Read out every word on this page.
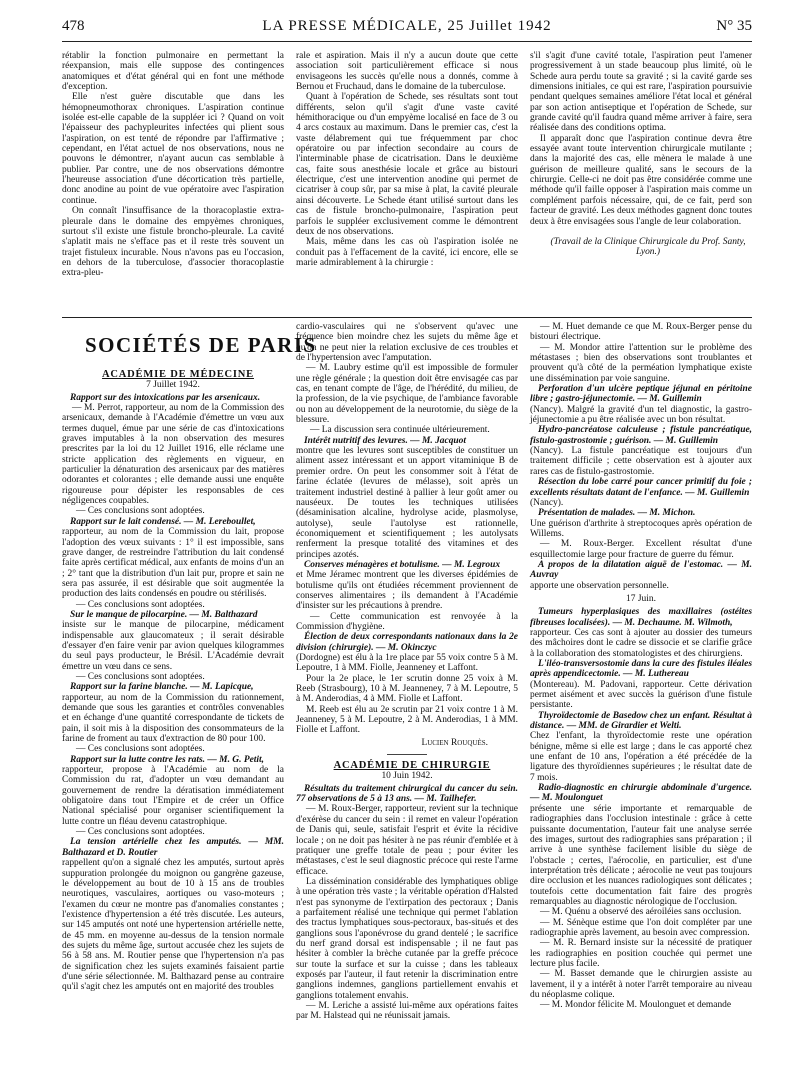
478	LA PRESSE MÉDICALE, 25 Juillet 1942	N° 35

rétablir la fonction pulmonaire en permettant la réexpansion, mais elle suppose des contingences anatomiques et d'état général qui en font une méthode d'exception.

Elle n'est guère discutable que dans les hémopneumothorax chroniques. L'aspiration continue isolée est-elle capable de la suppléer ici ? Quand on voit l'épaisseur des pachypleurites infectées qui plient sous l'aspiration, on est tenté de répondre par l'affirmative ; cependant, en l'état actuel de nos observations, nous ne pouvons le démontrer, n'ayant aucun cas semblable à publier. Par contre, une de nos observations démontre l'heureuse association d'une décortication très partielle, donc anodine au point de vue opératoire avec l'aspiration continue.

On connaît l'insuffisance de la thoracoplastie extra-pleurale dans le domaine des empyèmes chroniques, surtout s'il existe une fistule broncho-pleurale. La cavité s'aplatit mais ne s'efface pas et il reste très souvent un trajet fistuleux incurable. Nous n'avons pas eu l'occasion, en dehors de la tuberculose, d'associer thoracoplastie extra-pleu-

rale et aspiration. Mais il n'y a aucun doute que cette association soit particulièrement efficace si nous envisageons les succès qu'elle nous a donnés, comme à Bernou et Fruchaud, dans le domaine de la tuberculose.

Quant à l'opération de Schede, ses résultats sont tout différents, selon qu'il s'agit d'une vaste cavité hémithoracique ou d'un empyème localisé en face de 3 ou 4 arcs costaux au maximum. Dans le premier cas, c'est la vaste délabrement qui tue fréquemment par choc opératoire ou par infection secondaire au cours de l'interminable phase de cicatrisation. Dans le deuxième cas, faite sous anesthésie locale et grâce au bistouri électrique, c'est une intervention anodine qui permet de cicatriser à coup sûr, par sa mise à plat, la cavité pleurale ainsi découverte. Le Schede étant utilisé surtout dans les cas de fistule broncho-pulmonaire, l'aspiration peut parfois le suppléer exclusivement comme le démontrent deux de nos observations.

Mais, même dans les cas où l'aspiration isolée ne conduit pas à l'effacement de la cavité, ici encore, elle se marie admirablement à la chirurgie :

s'il s'agit d'une cavité totale, l'aspiration peut l'amener progressivement à un stade beaucoup plus limité, où le Schede aura perdu toute sa gravité ; si la cavité garde ses dimensions initiales, ce qui est rare, l'aspiration poursuivie pendant quelques semaines améliore l'état local et général par son action antiseptique et l'opération de Schede, sur grande cavité qu'il faudra quand même arriver à faire, sera réalisée dans des conditions optima.

Il apparaît donc que l'aspiration continue devra être essayée avant toute intervention chirurgicale mutilante ; dans la majorité des cas, elle mènera le malade à une guérison de meilleure qualité, sans le secours de la chirurgie. Celle-ci ne doit pas être considérée comme une méthode qu'il faille opposer à l'aspiration mais comme un complément parfois nécessaire, qui, de ce fait, perd son facteur de gravité. Les deux méthodes gagnent donc toutes deux à être envisagées sous l'angle de leur colaboration.

(Travail de la Clinique Chirurgicale du Prof. Santy, Lyon.)

SOCIÉTÉS DE PARIS

ACADÉMIE DE MÉDECINE

7 Juillet 1942.

Rapport sur des intoxications par les arsenicaux.

— M. Perrot, rapporteur, au nom de la Commission des arsenicaux, demande à l'Académie d'émettre un vœu aux termes duquel, émue par une série de cas d'intoxications graves imputables à la non observation des mesures prescrites par la loi du 12 Juillet 1916, elle réclame une stricte application des règlements en vigueur, en particulier la dénaturation des arsenicaux par des matières odorantes et colorantes ; elle demande aussi une enquête rigoureuse pour dépister les responsables de ces négligences coupables.

— Ces conclusions sont adoptées.

Rapport sur le lait condensé. — M. Lereboullet,

rapporteur, au nom de la Commission du lait, propose l'adoption des vœux suivants : 1° il est impossible, sans grave danger, de restreindre l'attribution du lait condensé faite après certificat médical, aux enfants de moins d'un an ; 2° tant que la distribution d'un lait pur, propre et sain ne sera pas assurée, il est désirable que soit augmentée la production des laits condensés en poudre ou stérilisés.

— Ces conclusions sont adoptées.

Sur le manque de pilocarpine. — M. Balthazard

insiste sur le manque de pilocarpine, médicament indispensable aux glaucomateux ; il serait désirable d'essayer d'en faire venir par avion quelques kilogrammes du seul pays producteur, le Brésil. L'Académie devrait émettre un vœu dans ce sens.

— Ces conclusions sont adoptées.

Rapport sur la farine blanche. — M. Lapicque,

rapporteur, au nom de la Commission du rationnement, demande que sous les garanties et contrôles convenables et en échange d'une quantité correspondante de tickets de pain, il soit mis à la disposition des consommateurs de la farine de froment au taux d'extraction de 80 pour 100.

— Ces conclusions sont adoptées.

Rapport sur la lutte contre les rats. — M. G. Petit,

rapporteur, propose à l'Académie au nom de la Commission du rat, d'adopter un vœu demandant au gouvernement de rendre la dératisation immédiatement obligatoire dans tout l'Empire et de créer un Office National spécialisé pour organiser scientifiquement la lutte contre un fléau devenu catastrophique.

— Ces conclusions sont adoptées.

La tension artérielle chez les amputés. — MM. Balthazard et D. Routier

rappellent qu'on a signalé chez les amputés, surtout après suppuration prolongée du moignon ou gangrène gazeuse, le développement au bout de 10 à 15 ans de troubles neurotiques, vasculaires, aortiques ou vaso-moteurs ; l'examen du cœur ne montre pas d'anomalies constantes ; l'existence d'hypertension a été très discutée. Les auteurs, sur 145 amputés ont noté une hypertension artérielle nette, de 45 mm. en moyenne au-dessus de la tension normale des sujets du même âge, surtout accusée chez les sujets de 56 à 58 ans. M. Routier pense que l'hypertension n'a pas de signification chez les sujets examinés faisaient partie d'une série sélectionnée. M. Balthazard pense au contraire qu'il s'agit chez les amputés ont en majorité des troubles

cardio-vasculaires qui ne s'observent qu'avec une fréquence bien moindre chez les sujets du même âge et qu'on ne peut nier la relation exclusive de ces troubles et de l'hypertension avec l'amputation.

— M. Laubry estime qu'il est impossible de formuler une règle générale ; la question doit être envisagée cas par cas, en tenant compte de l'âge, de l'hérédité, du milieu, de la profession, de la vie psychique, de l'ambiance favorable ou non au développement de la neurotomie, du siège de la blessure.

— La discussion sera continuée ultérieurement.

Intérêt nutritif des levures. — M. Jacquot

montre que les levures sont susceptibles de constituer un aliment assez intéressant et un apport vitaminique B de premier ordre. On peut les consommer soit à l'état de farine éclatée (levures de mélasse), soit après un traitement industriel destiné à pallier à leur goût amer ou nauséeux. De toutes les techniques utilisées (désaminisation alcaline, hydrolyse acide, plasmolyse, autolyse), seule l'autolyse est rationnelle, économiquement et scientifiquement ; les autolysats renferment la presque totalité des vitamines et des principes azotés.

Conserves ménagères et botulisme. — M. Legroux

et Mme Jéramec montrent que les diverses épidémies de botulisme qu'ils ont étudiées récemment proviennent de conserves alimentaires ; ils demandent à l'Académie d'insister sur les précautions à prendre.

— Cette communication est renvoyée à la Commission d'hygiène.

Élection de deux correspondants nationaux dans la 2e division (chirurgie). — M. Okinczyc

(Dordogne) est élu à la 1re place par 55 voix contre 5 à M. Lepoutre, 1 à MM. Fiolle, Jeanneney et Laffont.

Pour la 2e place, le 1er scrutin donne 25 voix à M. Reeb (Strasbourg), 10 à M. Jeanneney, 7 à M. Lepoutre, 5 à M. Anderodias, 4 à MM. Fiolle et Laffont.

M. Reeb est élu au 2e scrutin par 21 voix contre 1 à M. Jeanneney, 5 à M. Lepoutre, 2 à M. Anderodias, 1 à MM. Fiolle et Laffont.

Lucien Rouquès.

ACADÉMIE DE CHIRURGIE

10 Juin 1942.

Résultats du traitement chirurgical du cancer du sein. 77 observations de 5 à 13 ans. — M. Tailhefer.

— M. Roux-Berger, rapporteur, revient sur la technique d'exérèse du cancer du sein : il remet en valeur l'opération de Danis qui, seule, satisfait l'esprit et évite la récidive locale ; on ne doit pas hésiter à ne pas réunir d'emblée et à pratiquer une greffe totale de peau ; pour éviter les métastases, c'est le seul diagnostic précoce qui reste l'arme efficace.

La dissémination considérable des lymphatiques oblige à une opération très vaste ; la véritable opération d'Halsted n'est pas synonyme de l'extirpation des pectoraux ; Danis a parfaitement réalisé une technique qui permet l'ablation des tractus lymphatiques sous-pectoraux, bas-situés et des ganglions sous l'aponévrose du grand dentelé ; le sacrifice du nerf grand dorsal est indispensable ; il ne faut pas hésiter à combler la brèche cutanée par la greffe précoce sur toute la surface et sur la cuisse ; dans les tableaux exposés par l'auteur, il faut retenir la discrimination entre ganglions indemnes, ganglions partiellement envahis et ganglions totalement envahis.

— M. Leriche a assisté lui-même aux opérations faites par M. Halstead qui ne réunissait jamais.

— M. Huet demande ce que M. Roux-Berger pense du bistouri électrique.

— M. Mondor attire l'attention sur le problème des métastases ; bien des observations sont troublantes et prouvent qu'à côté de la perméation lymphatique existe une dissémination par voie sanguine.

Perforation d'un ulcère peptique jéjunal en péritoine libre ; gastro-jéjunectomie. — M. Guillemin

(Nancy). Malgré la gravité d'un tel diagnostic, la gastro-jéjunectomie a pu être réalisée avec un bon résultat.

Hydro-pancréatose calculeuse ; fistule pancréatique, fistulo-gastrostomie ; guérison. — M. Guillemin

(Nancy). La fistule pancréatique est toujours d'un traitement difficile ; cette observation est à ajouter aux rares cas de fistulo-gastrostomie.

Résection du lobe carré pour cancer primitif du foie ; excellents résultats datant de l'enfance. — M. Guillemin

(Nancy).

Présentation de malades. — M. Michon.

Une guérison d'arthrite à streptocoques après opération de Willems.

— M. Roux-Berger. Excellent résultat d'une esquillectomie large pour fracture de guerre du fémur.

A propos de la dilatation aiguë de l'estomac. — M. Auvray

apporte une observation personnelle.

17 Juin.

Tumeurs hyperplasiques des maxillaires (ostéites fibreuses localisées). — M. Dechaume. M. Wilmoth,

rapporteur. Ces cas sont à ajouter au dossier des tumeurs des mâchoires dont le cadre se dissocie et se clarifie grâce à la collaboration des stomatologistes et des chirurgiens.

L'iléo-transversostomie dans la cure des fistules iléales après appendicectomie. — M. Luthereau

(Montereau). M. Padovani, rapporteur. Cette dérivation permet aisément et avec succès la guérison d'une fistule persistante.

Thyroïdectomie de Basedow chez un enfant. Résultat à distance. — MM. de Girardier et Welti.

Chez l'enfant, la thyroïdectomie reste une opération bénigne, même si elle est large ; dans le cas apporté chez une enfant de 10 ans, l'opération a été précédée de la ligature des thyroïdiennes supérieures ; le résultat date de 7 mois.

Radio-diagnostic en chirurgie abdominale d'urgence. — M. Moulonguet

présente une série importante et remarquable de radiographies dans l'occlusion intestinale : grâce à cette puissante documentation, l'auteur fait une analyse serrée des images, surtout des radiographies sans préparation ; il arrive à une synthèse facilement lisible du siège de l'obstacle ; certes, l'aérocolie, en particulier, est d'une interprétation très délicate ; aérocolie ne veut pas toujours dire occlusion et les nuances radiologiques sont délicates ; toutefois cette documentation fait faire des progrès remarquables au diagnostic nérologique de l'occlusion.

— M. Quénu a observé des aéroiléies sans occlusion.

— M. Sénèque estime que l'on doit compléter par une radiographie après lavement, au besoin avec compression.

— M. R. Bernard insiste sur la nécessité de pratiquer les radiographies en position couchée qui permet une lecture plus facile.

— M. Basset demande que le chirurgien assiste au lavement, il y a intérêt à noter l'arrêt temporaire au niveau du néoplasme colique.

— M. Mondor félicite M. Moulonguet et demande
